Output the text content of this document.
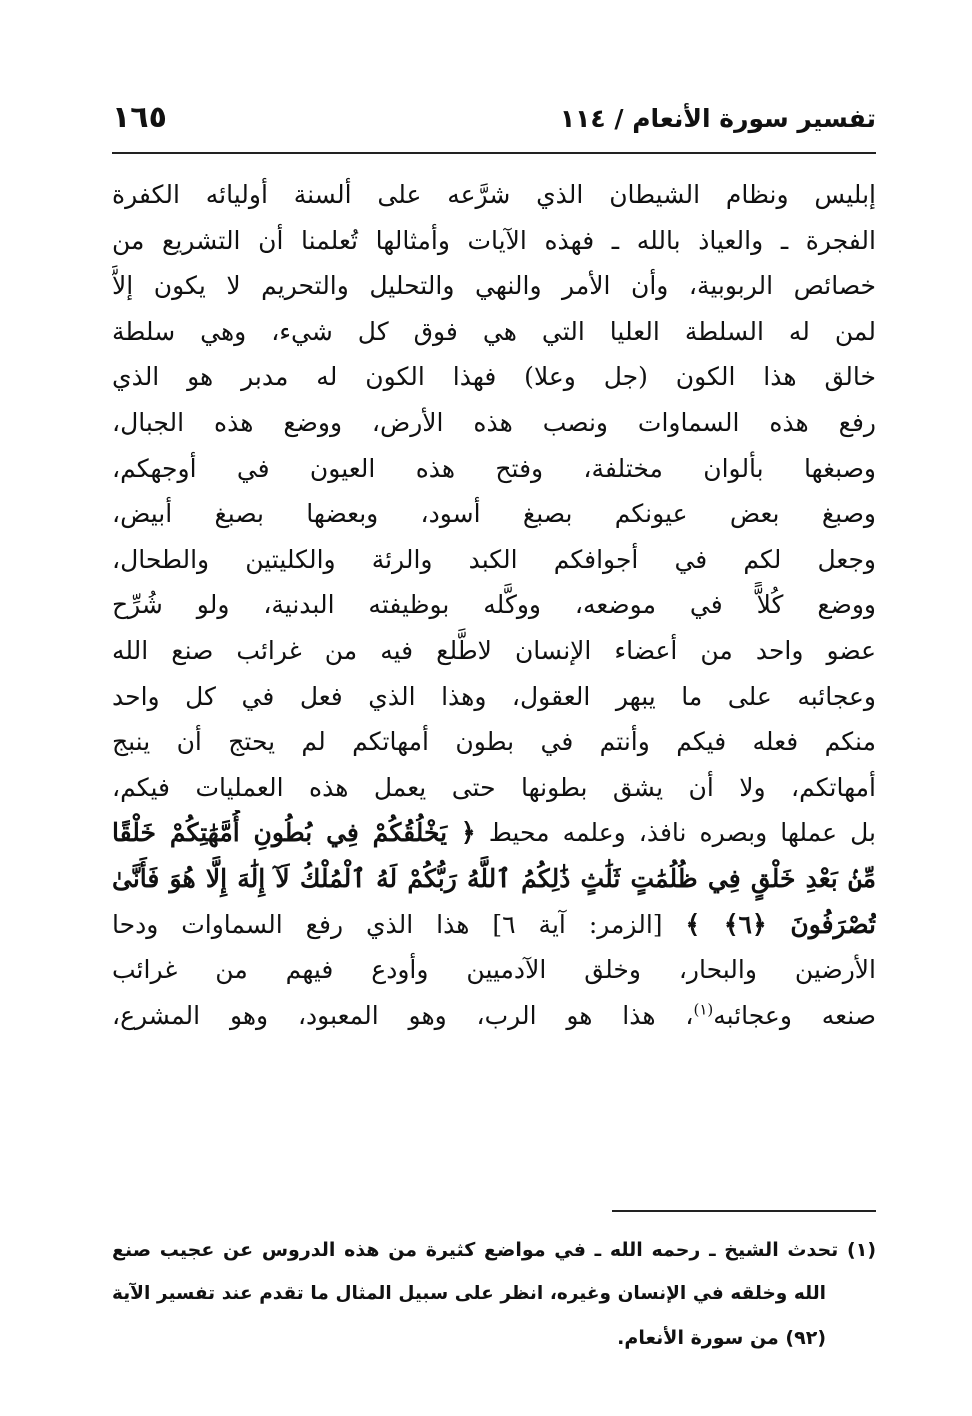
تفسير سورة الأنعام / ١١٤
١٦٥
إبليس ونظام الشيطان الذي شرَّعه على ألسنة أوليائه الكفرة
الفجرة ـ والعياذ بالله ـ فهذه الآيات وأمثالها تُعلمنا أن التشريع من
خصائص الربوبية، وأن الأمر والنهي والتحليل والتحريم لا يكون إلاَّ
لمن له السلطة العليا التي هي فوق كل شيء، وهي سلطة
خالق هذا الكون (جل وعلا) فهذا الكون له مدبر هو الذي
رفع هذه السماوات ونصب هذه الأرض، ووضع هذه الجبال،
وصبغها بألوان مختلفة، وفتح هذه العيون في أوجهكم،
وصبغ بعض عيونكم بصبغ أسود، وبعضها بصبغ أبيض،
وجعل لكم في أجوافكم الكبد والرئة والكليتين والطحال،
ووضع كُلاًّ في موضعه، ووكَّله بوظيفته البدنية، ولو شُرِّح
عضو واحد من أعضاء الإنسان لاطَّلع فيه من غرائب صنع الله
وعجائبه على ما يبهر العقول، وهذا الذي فعل في كل واحد
منكم فعله فيكم وأنتم في بطون أمهاتكم لم يحتج أن ينبج
أمهاتكم، ولا أن يشق بطونها حتى يعمل هذه العمليات فيكم،
بل عملها وبصره نافذ، وعلمه محيط ﴿ يَخْلُقُكُمْ فِي بُطُونِ أُمَّهَٰتِكُمْ خَلْقًا
مِّنۢ بَعْدِ خَلْقٍ فِي ظُلُمَٰتٍ ثَلَٰثٍ ذَٰلِكُمُ ٱللَّهُ رَبُّكُمْ لَهُ ٱلْمُلْكُ لَآ إِلَٰهَ إِلَّا هُوَ فَأَنَّىٰ
تُصْرَفُونَ ﴿٦﴾ ﴾ [الزمر: آية ٦] هذا الذي رفع السماوات ودحا
الأرضين والبحار، وخلق الآدميين وأودع فيهم من غرائب
صنعه وعجائبه$^{(١)}$، هذا هو الرب، وهو المعبود، وهو المشرع،
(١) تحدث الشيخ ـ رحمه الله ـ في مواضع كثيرة من هذه الدروس عن عجيب صنع
الله وخلقه في الإنسان وغيره، انظر على سبيل المثال ما تقدم عند تفسير الآية
(٩٢) من سورة الأنعام.
